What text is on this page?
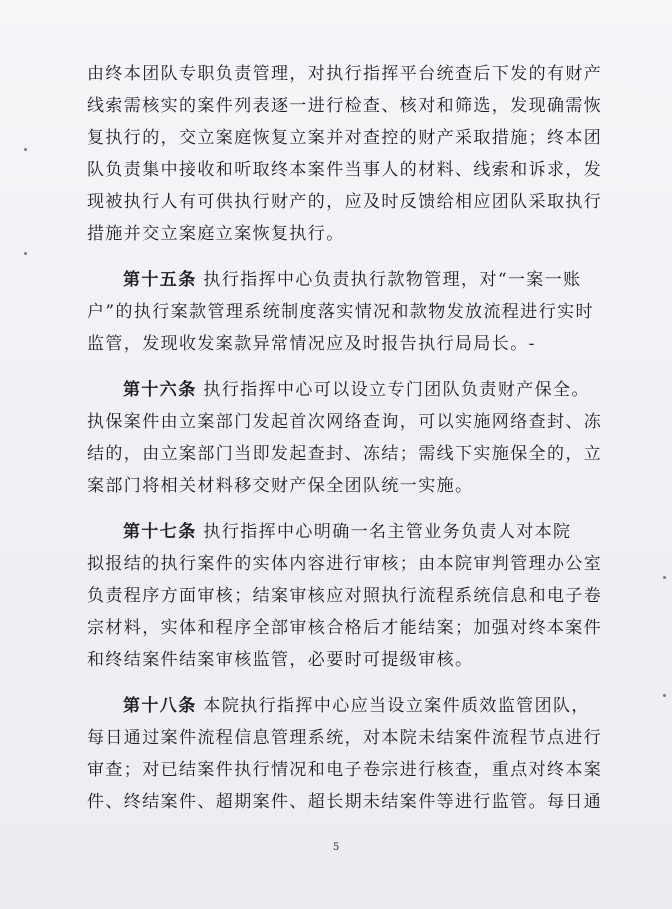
由终本团队专职负责管理，对执行指挥平台统查后下发的有财产
线索需核实的案件列表逐一进行检查、核对和筛选，发现确需恢
复执行的，交立案庭恢复立案并对查控的财产采取措施；终本团
队负责集中接收和听取终本案件当事人的材料、线索和诉求，发
现被执行人有可供执行财产的，应及时反馈给相应团队采取执行
措施并交立案庭立案恢复执行。

第十五条 执行指挥中心负责执行款物管理，对“一案一账
户”的执行案款管理系统制度落实情况和款物发放流程进行实时
监管，发现收发案款异常情况应及时报告执行局局长。-

第十六条 执行指挥中心可以设立专门团队负责财产保全。
执保案件由立案部门发起首次网络查询，可以实施网络查封、冻
结的，由立案部门当即发起查封、冻结；需线下实施保全的，立
案部门将相关材料移交财产保全团队统一实施。

第十七条 执行指挥中心明确一名主管业务负责人对本院
拟报结的执行案件的实体内容进行审核；由本院审判管理办公室
负责程序方面审核；结案审核应对照执行流程系统信息和电子卷
宗材料，实体和程序全部审核合格后才能结案；加强对终本案件
和终结案件结案审核监管，必要时可提级审核。

第十八条 本院执行指挥中心应当设立案件质效监管团队，
每日通过案件流程信息管理系统，对本院未结案件流程节点进行
审查；对已结案件执行情况和电子卷宗进行核查，重点对终本案
件、终结案件、超期案件、超长期未结案件等进行监管。每日通

5
